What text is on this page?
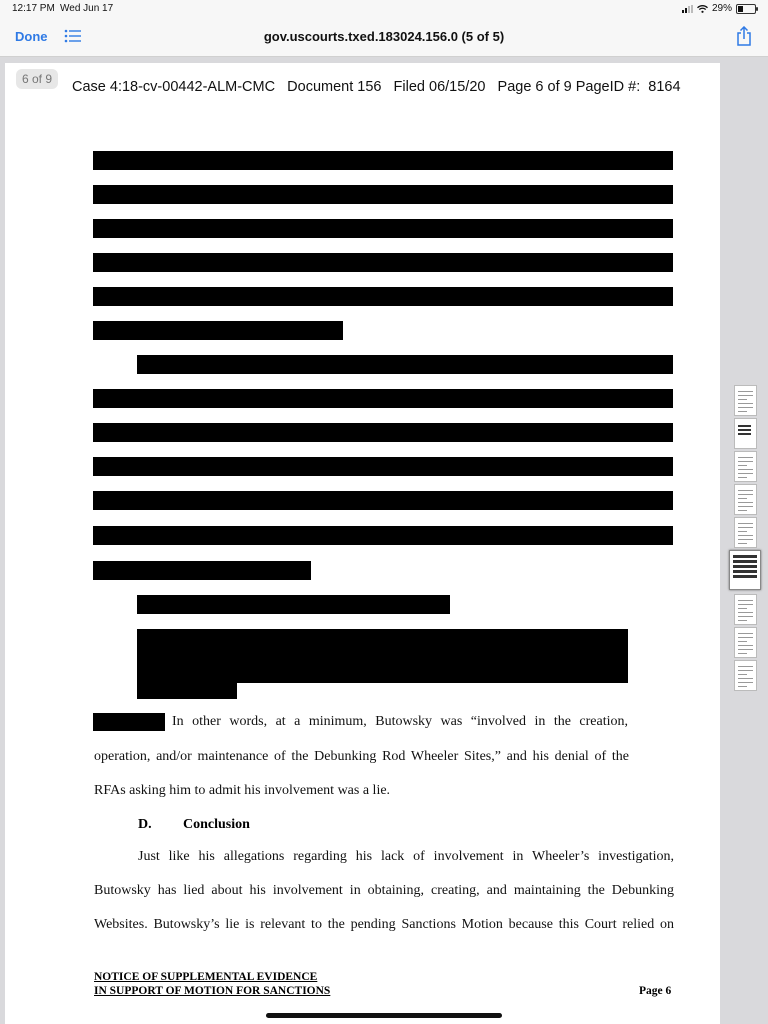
12:17 PM Wed Jun 17	29%
Done	gov.uscourts.txed.183024.156.0 (5 of 5)
6 of 9	Case 4:18-cv-00442-ALM-CMC   Document 156   Filed 06/15/20   Page 6 of 9 PageID #:  8164
In other words, at a minimum, Butowsky was “involved in the creation,
operation, and/or maintenance of the Debunking Rod Wheeler Sites,” and his denial of the
RFAs asking him to admit his involvement was a lie.
D. Conclusion
Just like his allegations regarding his lack of involvement in Wheeler’s investigation,
Butowsky has lied about his involvement in obtaining, creating, and maintaining the Debunking
Websites. Butowsky’s lie is relevant to the pending Sanctions Motion because this Court relied on
NOTICE OF SUPPLEMENTAL EVIDENCE
IN SUPPORT OF MOTION FOR SANCTIONS	Page 6
